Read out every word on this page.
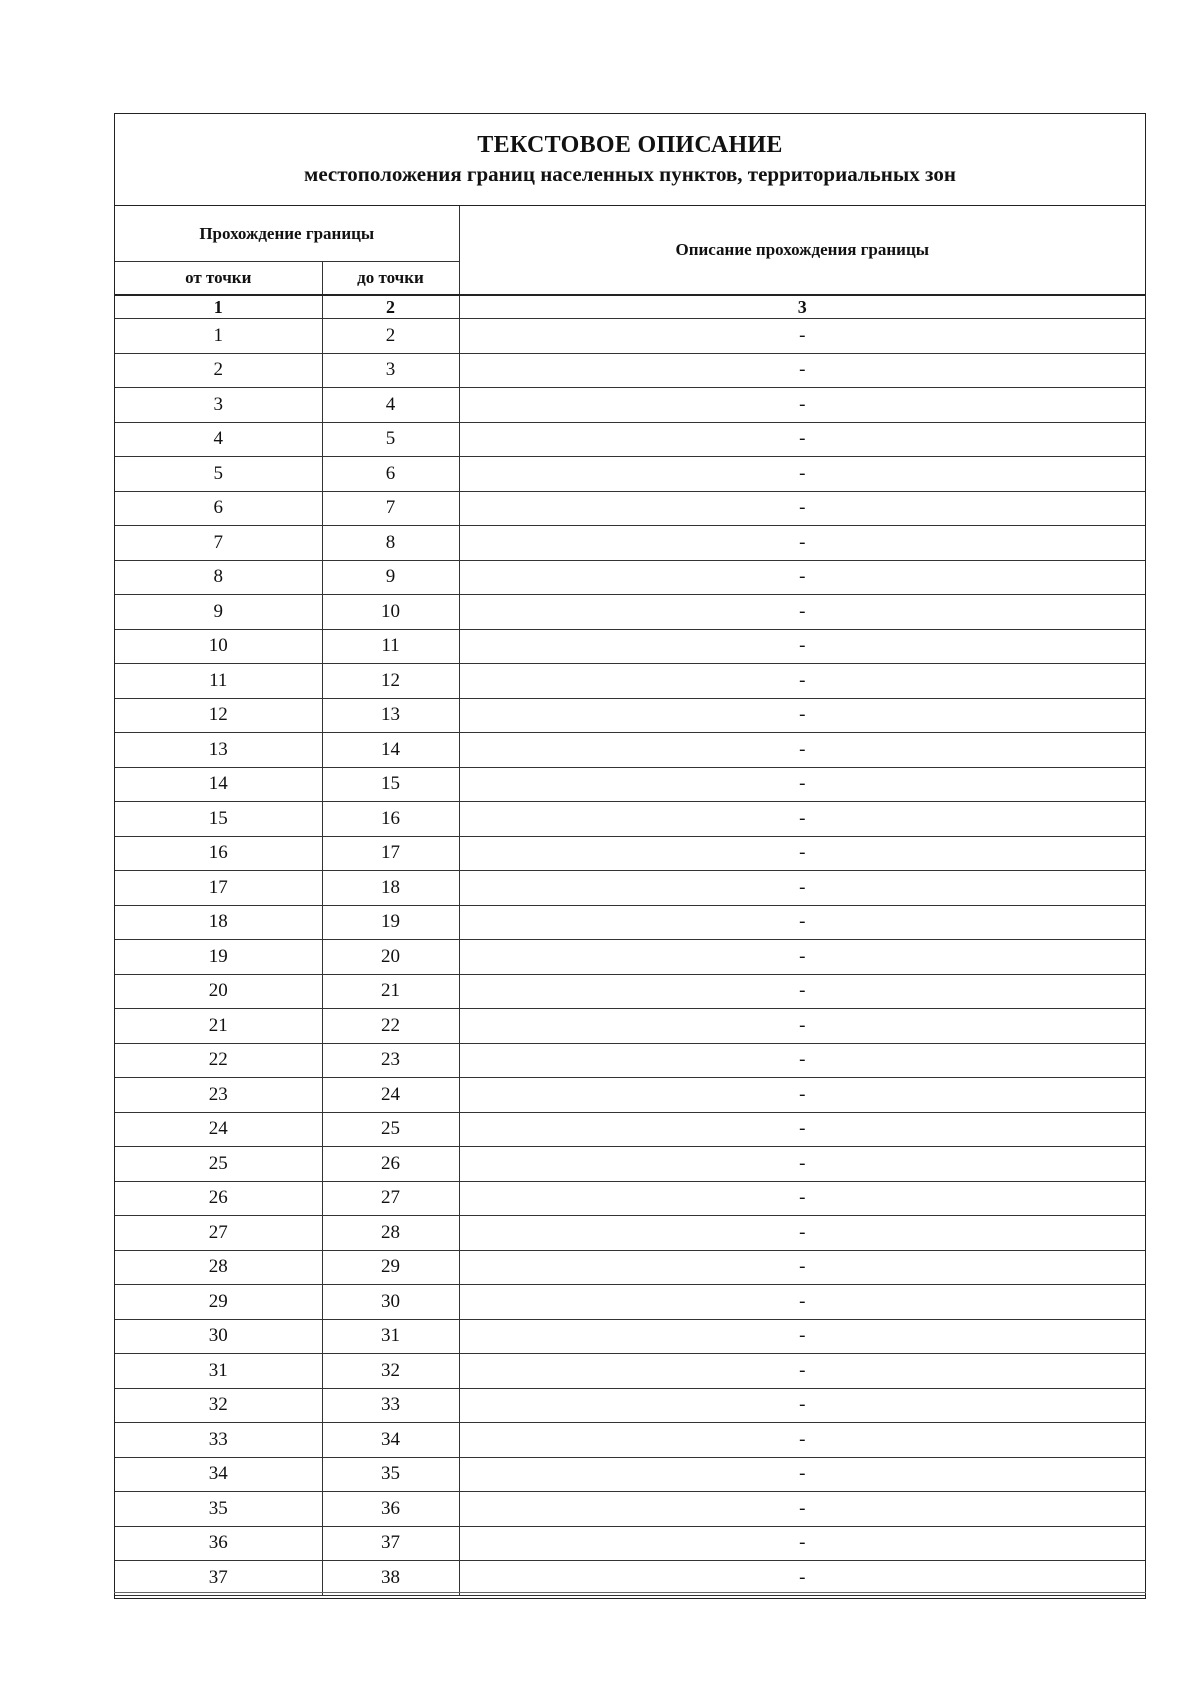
ТЕКСТОВОЕ ОПИСАНИЕ
местоположения границ населенных пунктов, территориальных зон
Прохождение границы		Описание прохождения границы
от точки	до точки	
1	2	3
1	2	-
2	3	-
3	4	-
4	5	-
5	6	-
6	7	-
7	8	-
8	9	-
9	10	-
10	11	-
11	12	-
12	13	-
13	14	-
14	15	-
15	16	-
16	17	-
17	18	-
18	19	-
19	20	-
20	21	-
21	22	-
22	23	-
23	24	-
24	25	-
25	26	-
26	27	-
27	28	-
28	29	-
29	30	-
30	31	-
31	32	-
32	33	-
33	34	-
34	35	-
35	36	-
36	37	-
37	38	-
